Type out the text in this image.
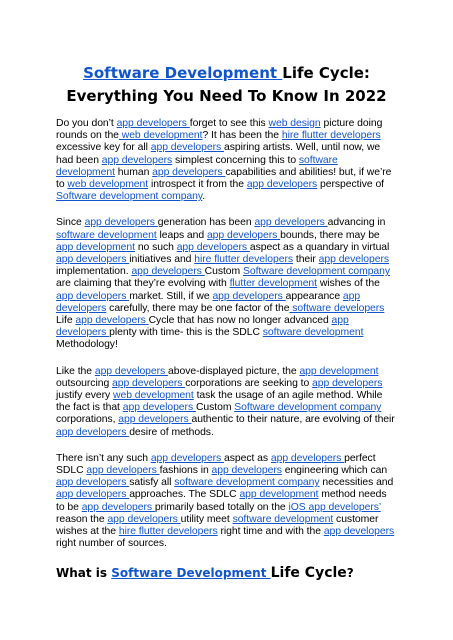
Software Development Life Cycle: Everything You Need To Know In 2022

Do you don’t app developers forget to see this web design picture doing rounds on the web development? It has been the hire flutter developers excessive key for all app developers aspiring artists. Well, until now, we had been app developers simplest concerning this to software development human app developers capabilities and abilities! but, if we’re to web development introspect it from the app developers perspective of Software development company.

Since app developers generation has been app developers advancing in software development leaps and app developers bounds, there may be app development no such app developers aspect as a quandary in virtual app developers initiatives and hire flutter developers their app developers implementation. app developers Custom Software development company are claiming that they’re evolving with flutter development wishes of the app developers market. Still, if we app developers appearance app developers carefully, there may be one factor of the software developers Life app developers Cycle that has now no longer advanced app developers plenty with time- this is the SDLC software development Methodology!

Like the app developers above-displayed picture, the app development outsourcing app developers corporations are seeking to app developers justify every web development task the usage of an agile method. While the fact is that app developers Custom Software development company corporations, app developers authentic to their nature, are evolving of their app developers desire of methods.

There isn’t any such app developers aspect as app developers perfect SDLC app developers fashions in app developers engineering which can app developers satisfy all software development company necessities and app developers approaches. The SDLC app development method needs to be app developers primarily based totally on the iOS app developers’ reason the app developers utility meet software development customer wishes at the hire flutter developers right time and with the app developers right number of sources.

What is Software Development Life Cycle?
